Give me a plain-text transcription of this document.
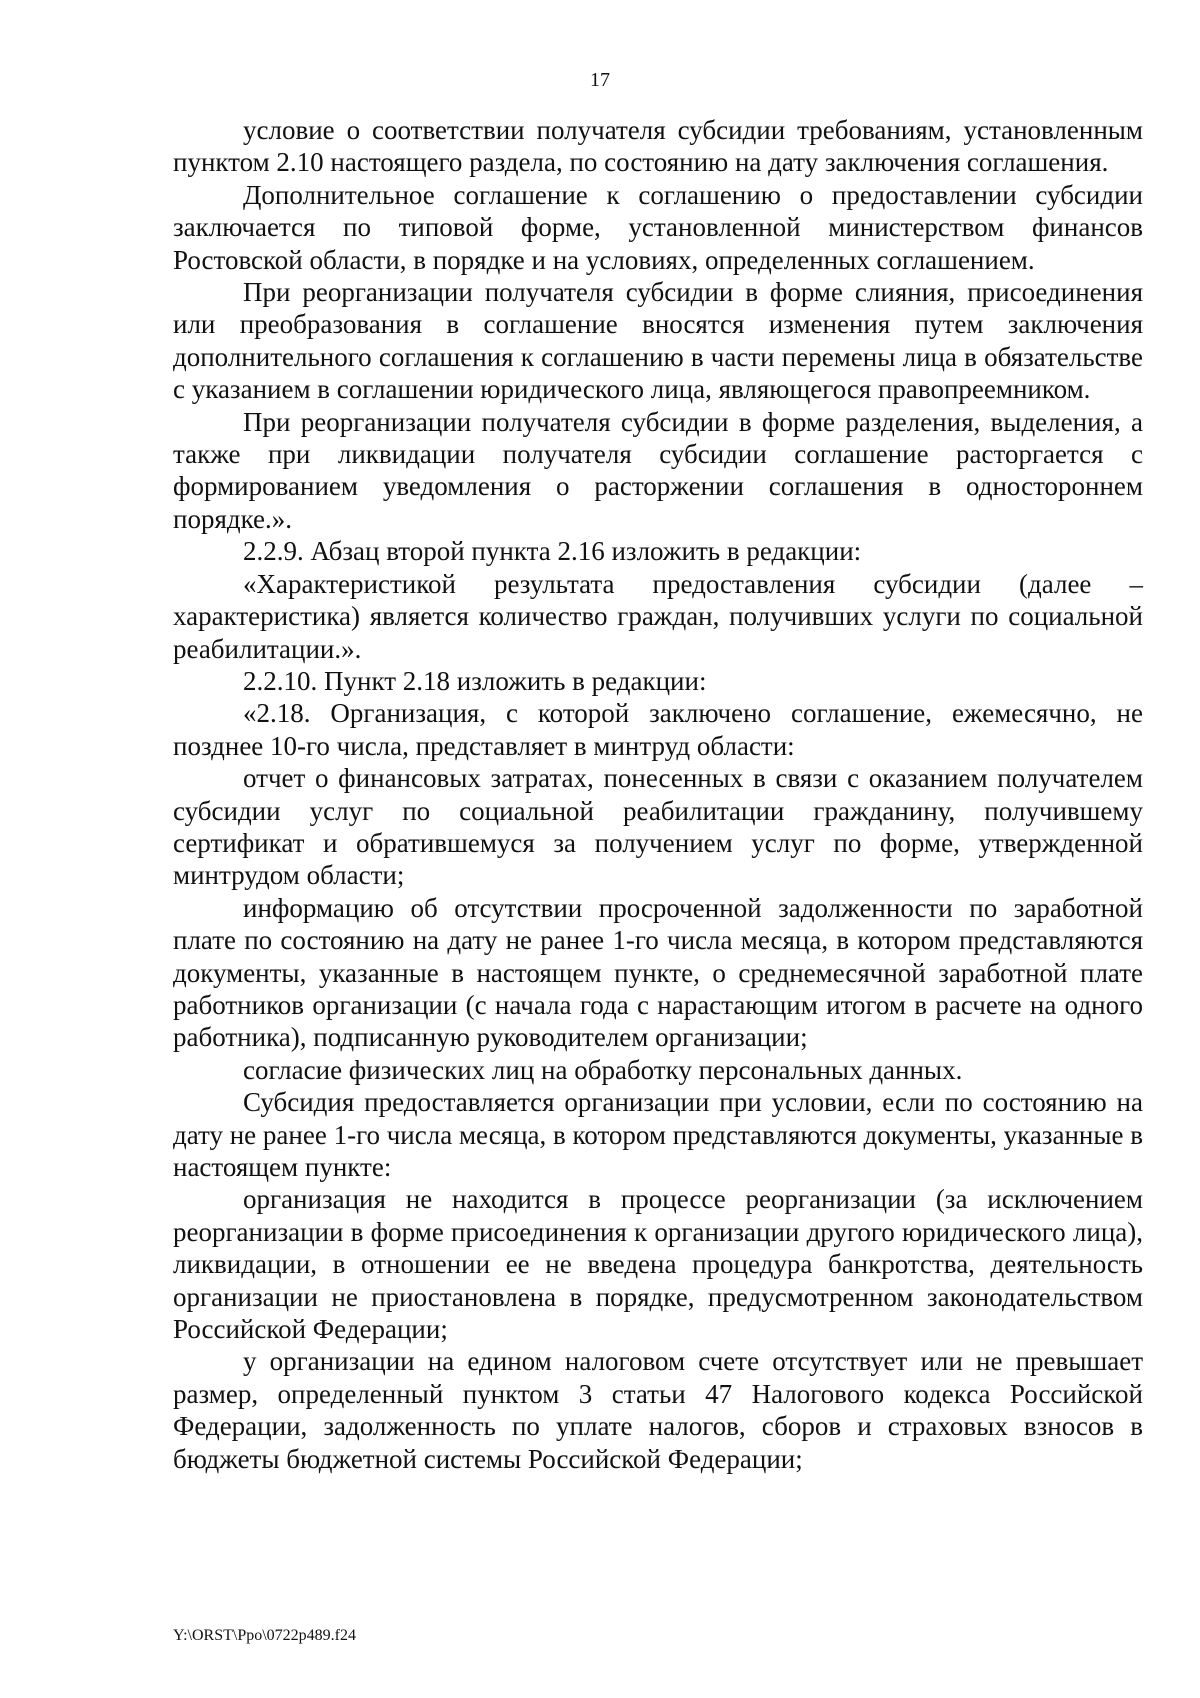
17

условие о соответствии получателя субсидии требованиям, установленным пунктом 2.10 настоящего раздела, по состоянию на дату заключения соглашения.

Дополнительное соглашение к соглашению о предоставлении субсидии заключается по типовой форме, установленной министерством финансов Ростовской области, в порядке и на условиях, определенных соглашением.

При реорганизации получателя субсидии в форме слияния, присоединения или преобразования в соглашение вносятся изменения путем заключения дополнительного соглашения к соглашению в части перемены лица в обязательстве с указанием в соглашении юридического лица, являющегося правопреемником.

При реорганизации получателя субсидии в форме разделения, выделения, а также при ликвидации получателя субсидии соглашение расторгается с формированием уведомления о расторжении соглашения в одностороннем порядке.».

2.2.9. Абзац второй пункта 2.16 изложить в редакции:

«Характеристикой результата предоставления субсидии (далее – характеристика) является количество граждан, получивших услуги по социальной реабилитации.».

2.2.10. Пункт 2.18 изложить в редакции:

«2.18. Организация, с которой заключено соглашение, ежемесячно, не позднее 10-го числа, представляет в минтруд области:

отчет о финансовых затратах, понесенных в связи с оказанием получателем субсидии услуг по социальной реабилитации гражданину, получившему сертификат и обратившемуся за получением услуг по форме, утвержденной минтрудом области;

информацию об отсутствии просроченной задолженности по заработной плате по состоянию на дату не ранее 1-го числа месяца, в котором представляются документы, указанные в настоящем пункте, о среднемесячной заработной плате работников организации (с начала года с нарастающим итогом в расчете на одного работника), подписанную руководителем организации;

согласие физических лиц на обработку персональных данных.

Субсидия предоставляется организации при условии, если по состоянию на дату не ранее 1-го числа месяца, в котором представляются документы, указанные в настоящем пункте:

организация не находится в процессе реорганизации (за исключением реорганизации в форме присоединения к организации другого юридического лица), ликвидации, в отношении ее не введена процедура банкротства, деятельность организации не приостановлена в порядке, предусмотренном законодательством Российской Федерации;

у организации на едином налоговом счете отсутствует или не превышает размер, определенный пунктом 3 статьи 47 Налогового кодекса Российской Федерации, задолженность по уплате налогов, сборов и страховых взносов в бюджеты бюджетной системы Российской Федерации;

Y:\ORST\Ppo\0722p489.f24
